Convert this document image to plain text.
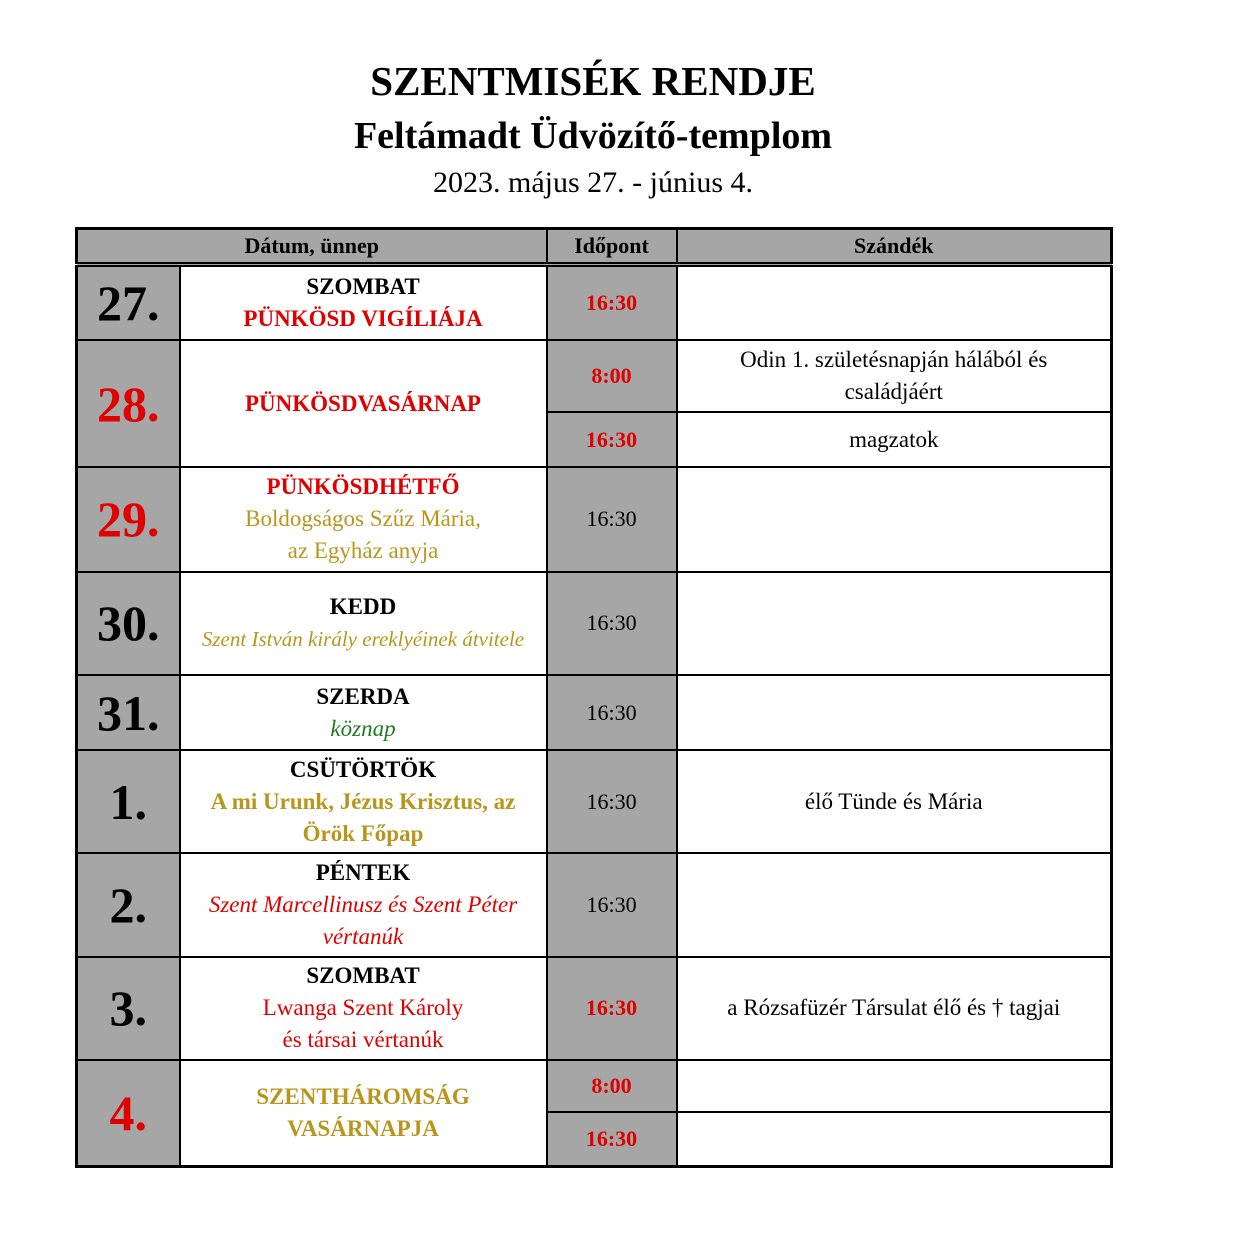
SZENTMISÉK RENDJE
Feltámadt Üdvözítő-templom
2023. május 27. - június 4.
Dátum, ünnep		Időpont	Szándék
27.	SZOMBAT
PÜNKÖSD VIGÍLIÁJA	16:30	
28.	PÜNKÖSDVASÁRNAP	8:00	Odin 1. születésnapján hálából és családjáért
		16:30	magzatok
29.	PÜNKÖSDHÉTFŐ
Boldogságos Szűz Mária,
az Egyház anyja	16:30	
30.	KEDD
Szent István király ereklyéinek átvitele	16:30	
31.	SZERDA
köznap	16:30	
1.	CSÜTÖRTÖK
A mi Urunk, Jézus Krisztus, az
Örök Főpap	16:30	élő Tünde és Mária
2.	PÉNTEK
Szent Marcellinusz és Szent Péter
vértanúk	16:30	
3.	SZOMBAT
Lwanga Szent Károly
és társai vértanúk	16:30	a Rózsafüzér Társulat élő és † tagjai
4.	SZENTHÁROMSÁG
VASÁRNAPJA	8:00	
		16:30	
